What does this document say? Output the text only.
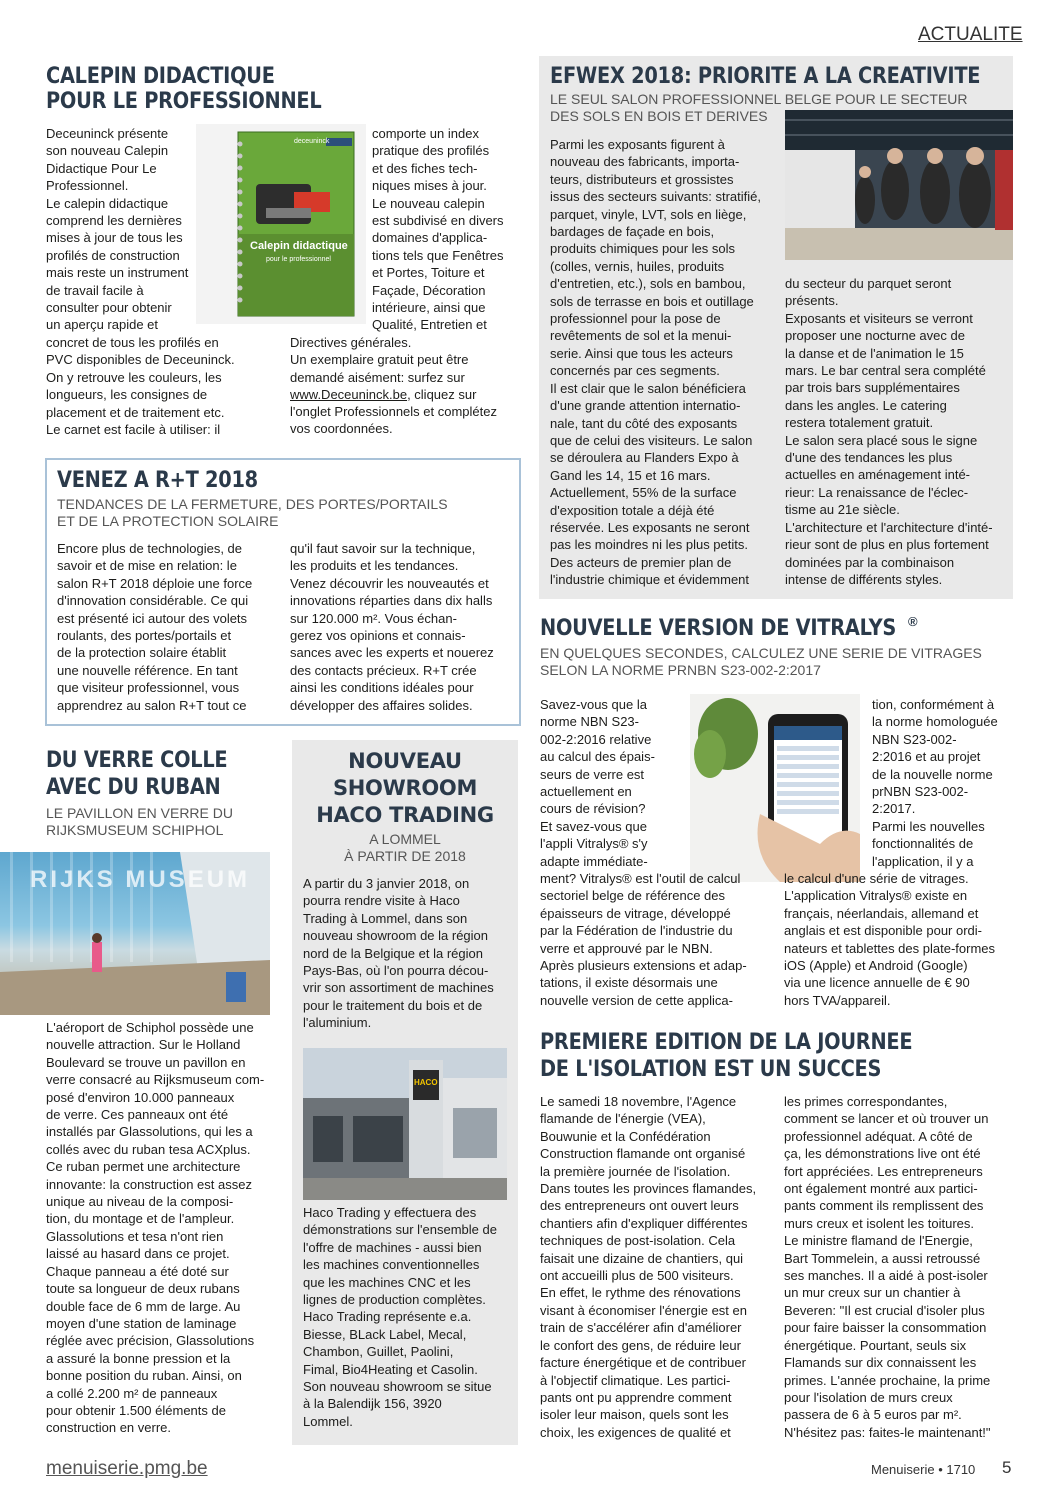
ACTUALITE
CALEPIN DIDACTIQUE
POUR LE PROFESSIONNEL

Deceuninck présente

son nouveau Calepin

Didactique Pour Le

Professionnel.

Le calepin didactique

comprend les dernières

mises à jour de tous les

profilés de construction

mais reste un instrument

de travail facile à

consulter pour obtenir

un aperçu rapide et

concret de tous les profilés en

PVC disponibles de Deceuninck.

On y retrouve les couleurs, les

longueurs, les consignes de

placement et de traitement etc.

Le carnet est facile à utiliser: il

deceuninck
Calepin didactique
pour le professionnel

comporte un index

pratique des profilés

et des fiches tech-

niques mises à jour.

Le nouveau calepin

est subdivisé en divers

domaines d'applica-

tions tels que Fenêtres

et Portes, Toiture et

Façade, Décoration

intérieure, ainsi que

Qualité, Entretien et

Directives générales.

Un exemplaire gratuit peut être

demandé aisément: surfez sur

www.Deceuninck.be, cliquez sur

l'onglet Professionnels et complétez

vos coordonnées.

VENEZ A R+T 2018
TENDANCES DE LA FERMETURE, DES PORTES/PORTAILS
ET DE LA PROTECTION SOLAIRE

Encore plus de technologies, de

savoir et de mise en relation: le

salon R+T 2018 déploie une force

d'innovation considérable. Ce qui

est présenté ici autour des volets

roulants, des portes/portails et

de la protection solaire établit

une nouvelle référence. En tant

que visiteur professionnel, vous

apprendrez au salon R+T tout ce

qu'il faut savoir sur la technique,

les produits et les tendances.

Venez découvrir les nouveautés et

innovations réparties dans dix halls

sur 120.000 m². Vous échan-

gerez vos opinions et connais-

sances avec les experts et nouerez

des contacts précieux. R+T crée

ainsi les conditions idéales pour

développer des affaires solides.

DU VERRE COLLE
AVEC DU RUBAN
LE PAVILLON EN VERRE DU
RIJKSMUSEUM SCHIPHOL

L'aéroport de Schiphol possède une

nouvelle attraction. Sur le Holland

Boulevard se trouve un pavillon en

verre consacré au Rijksmuseum com-

posé d'environ 10.000 panneaux

de verre. Ces panneaux ont été

installés par Glassolutions, qui les a

collés avec du ruban tesa ACXplus.

Ce ruban permet une architecture

innovante: la construction est assez

unique au niveau de la composi-

tion, du montage et de l'ampleur.

Glassolutions et tesa n'ont rien

laissé au hasard dans ce projet.

Chaque panneau a été doté sur

toute sa longueur de deux rubans

double face de 6 mm de large. Au

moyen d'une station de laminage

réglée avec précision, Glassolutions

a assuré la bonne pression et la

bonne position du ruban. Ainsi, on

a collé 2.200 m² de panneaux

pour obtenir 1.500 éléments de

construction en verre.

RIJKS MUSEUM
NOUVEAU
SHOWROOM
HACO TRADING
A LOMMEL
À PARTIR DE 2018

A partir du 3 janvier 2018, on

pourra rendre visite à Haco

Trading à Lommel, dans son

nouveau showroom de la région

nord de la Belgique et la région

Pays-Bas, où l'on pourra décou-

vrir son assortiment de machines

pour le traitement du bois et de

l'aluminium.

HACO

Haco Trading y effectuera des

démonstrations sur l'ensemble de

l'offre de machines - aussi bien

les machines conventionnelles

que les machines CNC et les

lignes de production complètes.

Haco Trading représente e.a.

Biesse, BLack Label, Mecal,

Chambon, Guillet, Paolini,

Fimal, Bio4Heating et Casolin.

Son nouveau showroom se situe

à la Balendijk 156, 3920

Lommel.

EFWEX 2018: PRIORITE A LA CREATIVITE
LE SEUL SALON PROFESSIONNEL BELGE POUR LE SECTEUR
DES SOLS EN BOIS ET DERIVES

Parmi les exposants figurent à

nouveau des fabricants, importa-

teurs, distributeurs et grossistes

issus des secteurs suivants: stratifié,

parquet, vinyle, LVT, sols en liège,

bardages de façade en bois,

produits chimiques pour les sols

(colles, vernis, huiles, produits

d'entretien, etc.), sols en bambou,

sols de terrasse en bois et outillage

professionnel pour la pose de

revêtements de sol et la menui-

serie. Ainsi que tous les acteurs

concernés par ces segments.

Il est clair que le salon bénéficiera

d'une grande attention internatio-

nale, tant du côté des exposants

que de celui des visiteurs. Le salon

se déroulera au Flanders Expo à

Gand les 14, 15 et 16 mars.

Actuellement, 55% de la surface

d'exposition totale a déjà été

réservée. Les exposants ne seront

pas les moindres ni les plus petits.

Des acteurs de premier plan de

l'industrie chimique et évidemment

du secteur du parquet seront

présents.

Exposants et visiteurs se verront

proposer une nocturne avec de

la danse et de l'animation le 15

mars. Le bar central sera complété

par trois bars supplémentaires

dans les angles. Le catering

restera totalement gratuit.

Le salon sera placé sous le signe

d'une des tendances les plus

actuelles en aménagement inté-

rieur: La renaissance de l'éclec-

tisme au 21e siècle.

L'architecture et l'architecture d'inté-

rieur sont de plus en plus fortement

dominées par la combinaison

intense de différents styles.

NOUVELLE VERSION DE VITRALYS ®
EN QUELQUES SECONDES, CALCULEZ UNE SERIE DE VITRAGES
SELON LA NORME PRNBN S23-002-2:2017

Savez-vous que la

norme NBN S23-

002-2:2016 relative

au calcul des épais-

seurs de verre est

actuellement en

cours de révision?

Et savez-vous que

l'appli Vitralys® s'y

adapte immédiate-

ment? Vitralys® est l'outil de calcul

sectoriel belge de référence des

épaisseurs de vitrage, développé

par la Fédération de l'industrie du

verre et approuvé par le NBN.

Après plusieurs extensions et adap-

tations, il existe désormais une

nouvelle version de cette applica-

tion, conformément à

la norme homologuée

NBN S23-002-

2:2016 et au projet

de la nouvelle norme

prNBN S23-002-

2:2017.

Parmi les nouvelles

fonctionnalités de

l'application, il y a

le calcul d'une série de vitrages.

L'application Vitralys® existe en

français, néerlandais, allemand et

anglais et est disponible pour ordi-

nateurs et tablettes des plate-formes

iOS (Apple) et Android (Google)

via une licence annuelle de € 90

hors TVA/appareil.

PREMIERE EDITION DE LA JOURNEE
DE L'ISOLATION EST UN SUCCES

Le samedi 18 novembre, l'Agence

flamande de l'énergie (VEA),

Bouwunie et la Confédération

Construction flamande ont organisé

la première journée de l'isolation.

Dans toutes les provinces flamandes,

des entrepreneurs ont ouvert leurs

chantiers afin d'expliquer différentes

techniques de post-isolation. Cela

faisait une dizaine de chantiers, qui

ont accueilli plus de 500 visiteurs.

En effet, le rythme des rénovations

visant à économiser l'énergie est en

train de s'accélérer afin d'améliorer

le confort des gens, de réduire leur

facture énergétique et de contribuer

à l'objectif climatique. Les partici-

pants ont pu apprendre comment

isoler leur maison, quels sont les

choix, les exigences de qualité et

les primes correspondantes,

comment se lancer et où trouver un

professionnel adéquat. A côté de

ça, les démonstrations live ont été

fort appréciées. Les entrepreneurs

ont également montré aux partici-

pants comment ils remplissent des

murs creux et isolent les toitures.

Le ministre flamand de l'Energie,

Bart Tommelein, a aussi retroussé

ses manches. Il a aidé à post-isoler

un mur creux sur un chantier à

Beveren: "Il est crucial d'isoler plus

pour faire baisser la consommation

énergétique. Pourtant, seuls six

Flamands sur dix connaissent les

primes. L'année prochaine, la prime

pour l'isolation de murs creux

passera de 6 à 5 euros par m².

N'hésitez pas: faites-le maintenant!"

menuiserie.pmg.be	Menuiserie • 1710 5
